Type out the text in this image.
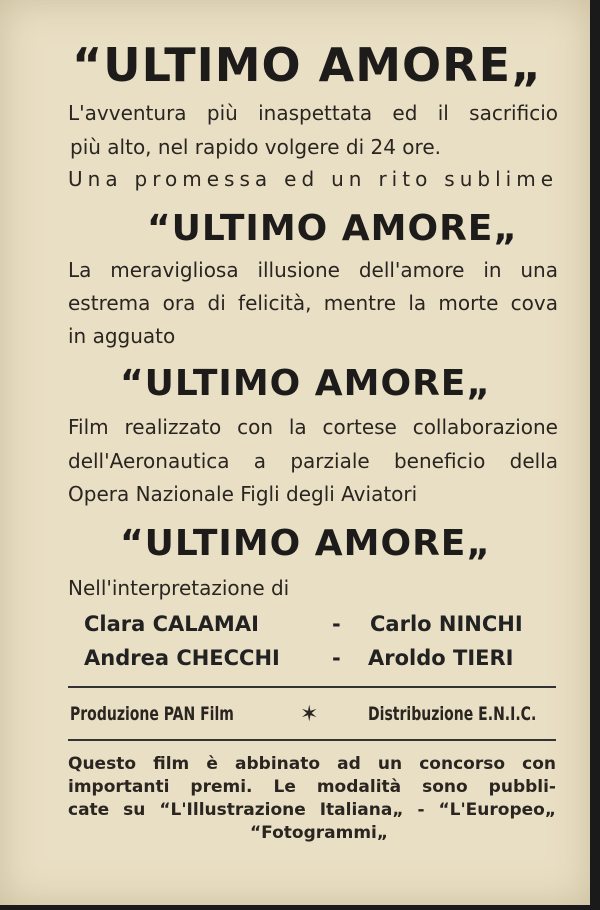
“ULTIMO AMORE„
L'avventura più inaspettata ed il sacrificio
più alto, nel rapido volgere di 24 ore.
Una promessa ed un rito sublime
“ULTIMO AMORE„
La meravigliosa illusione dell'amore in una
estrema ora di felicità, mentre la morte cova
in agguato
“ULTIMO AMORE„
Film realizzato con la cortese collaborazione
dell'Aeronautica a parziale beneficio della
Opera Nazionale Figli degli Aviatori
“ULTIMO AMORE„
Nell'interpretazione di
Clara CALAMAI	- Carlo NINCHI
Andrea CHECCHI - Aroldo TIERI
Produzione PAN Film	✶	Distribuzione E.N.I.C.
Questo film è abbinato ad un concorso con
importanti premi. Le modalità sono pubbli-
cate su “L'Illustrazione Italiana„ - “L'Europeo„
“Fotogrammi„
